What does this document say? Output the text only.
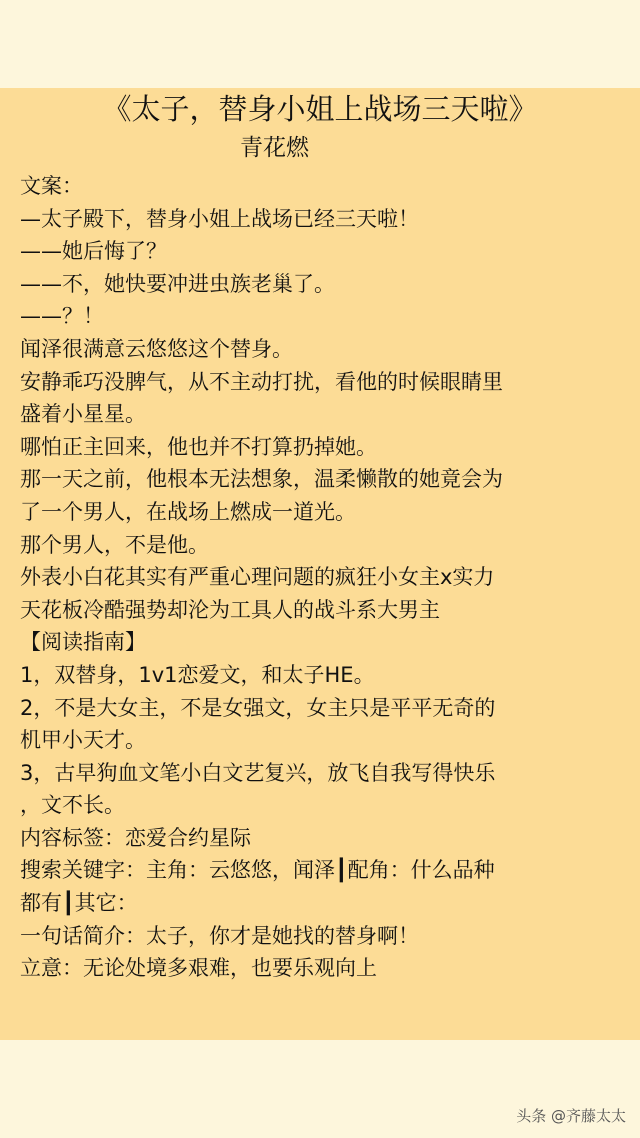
《太子，替身小姐上战场三天啦》
青花燃
文案：
—太子殿下，替身小姐上战场已经三天啦！
——她后悔了？
——不，她快要冲进虫族老巢了。
——？！
闻泽很满意云悠悠这个替身。
安静乖巧没脾气，从不主动打扰，看他的时候眼睛里
盛着小星星。
哪怕正主回来，他也并不打算扔掉她。
那一天之前，他根本无法想象，温柔懒散的她竟会为
了一个男人，在战场上燃成一道光。
那个男人，不是他。
外表小白花其实有严重心理问题的疯狂小女主x实力
天花板冷酷强势却沦为工具人的战斗系大男主
【阅读指南】
1，双替身，1v1恋爱文，和太子HE。
2，不是大女主，不是女强文，女主只是平平无奇的
机甲小天才。
3，古早狗血文笔小白文艺复兴，放飞自我写得快乐
，文不长。
内容标签：恋爱合约星际
搜索关键字：主角：云悠悠，闻泽┃配角：什么品种
都有┃其它：
一句话简介：太子，你才是她找的替身啊！
立意：无论处境多艰难，也要乐观向上
头条 @齐藤太太
